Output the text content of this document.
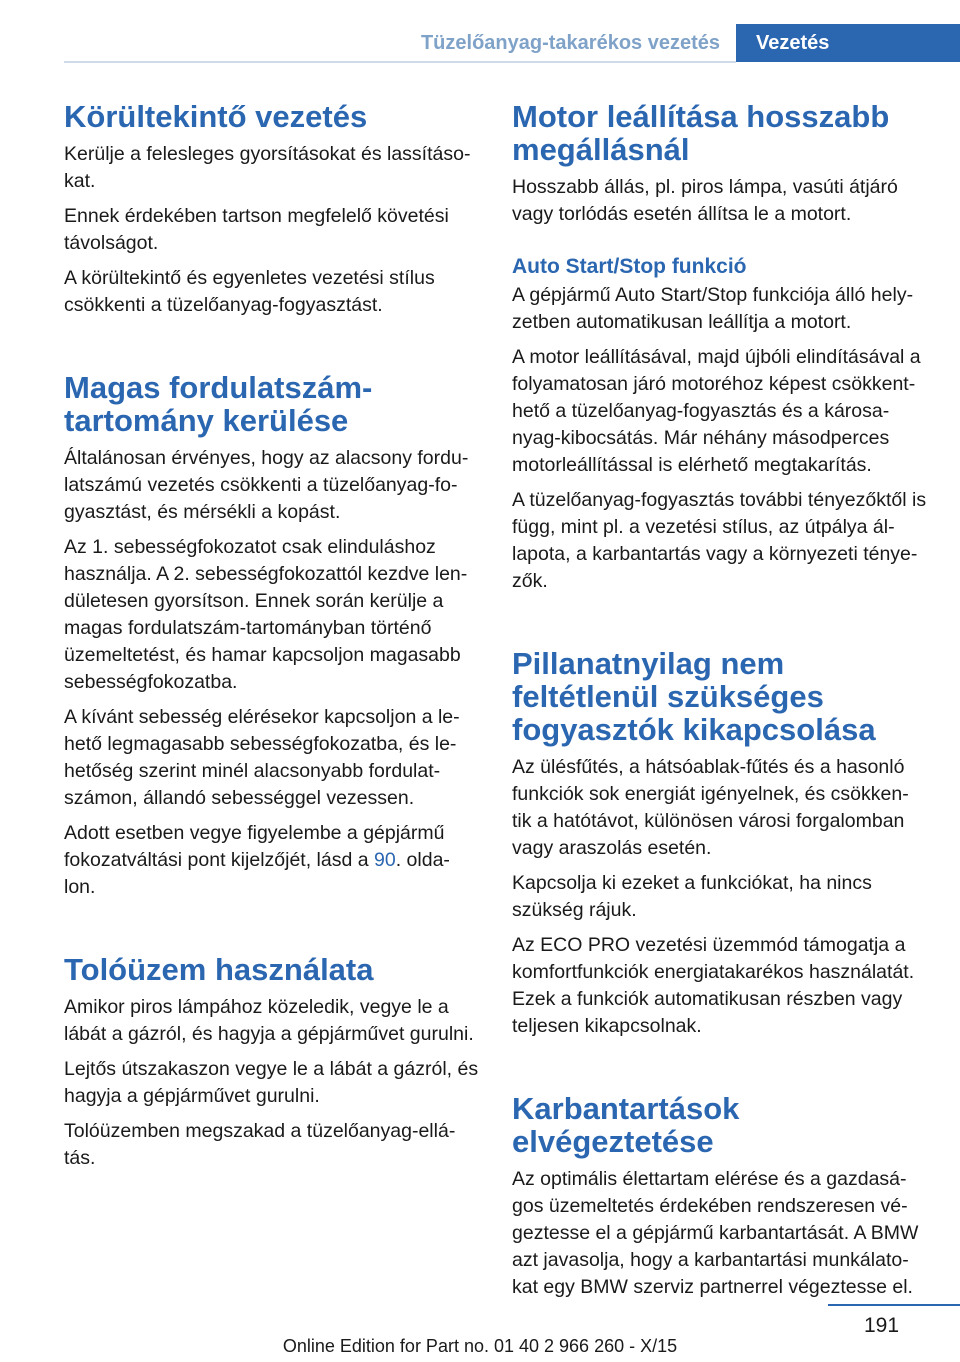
Tüzelőanyag-takarékos vezetés	Vezetés
Körültekintő vezetés

Kerülje a felesleges gyorsításokat és lassításo‐kat.

Ennek érdekében tartson megfelelő követési távolságot.

A körültekintő és egyenletes vezetési stílus csökkenti a tüzelőanyag-fogyasztást.

Magas fordulatszám-tartomány kerülése

Általánosan érvényes, hogy az alacsony fordu‐latszámú vezetés csökkenti a tüzelőanyag-fo‐gyasztást, és mérsékli a kopást.

Az 1. sebességfokozatot csak elinduláshoz használja. A 2. sebességfokozattól kezdve len‐dületesen gyorsítson. Ennek során kerülje a magas fordulatszám-tartományban történő üzemeltetést, és hamar kapcsoljon magasabb sebességfokozatba.

A kívánt sebesség elérésekor kapcsoljon a le‐hető legmagasabb sebességfokozatba, és le‐hetőség szerint minél alacsonyabb fordulat‐számon, állandó sebességgel vezessen.

Adott esetben vegye figyelembe a gépjármű fokozatváltási pont kijelzőjét, lásd a 90. olda‐lon.

Tolóüzem használata

Amikor piros lámpához közeledik, vegye le a lábát a gázról, és hagyja a gépjárművet gurulni.

Lejtős útszakaszon vegye le a lábát a gázról, és hagyja a gépjárművet gurulni.

Tolóüzemben megszakad a tüzelőanyag-ellá‐tás.

Motor leállítása hosszabb megállásnál

Hosszabb állás, pl. piros lámpa, vasúti átjáró vagy torlódás esetén állítsa le a motort.

Auto Start/Stop funkció

A gépjármű Auto Start/Stop funkciója álló hely‐zetben automatikusan leállítja a motort.

A motor leállításával, majd újbóli elindításával a folyamatosan járó motoréhoz képest csökkent‐hető a tüzelőanyag-fogyasztás és a károsa‐nyag-kibocsátás. Már néhány másodperces motorleállítással is elérhető megtakarítás.

A tüzelőanyag-fogyasztás további tényezőktől is függ, mint pl. a vezetési stílus, az útpálya ál‐lapota, a karbantartás vagy a környezeti ténye‐zők.

Pillanatnyilag nem feltétlenül szükséges fogyasztók kikapcsolása

Az ülésfűtés, a hátsóablak-fűtés és a hasonló funkciók sok energiát igényelnek, és csökken‐tik a hatótávot, különösen városi forgalomban vagy araszolás esetén.

Kapcsolja ki ezeket a funkciókat, ha nincs szükség rájuk.

Az ECO PRO vezetési üzemmód támogatja a komfortfunkciók energiatakarékos használatát. Ezek a funkciók automatikusan részben vagy teljesen kikapcsolnak.

Karbantartások elvégeztetése

Az optimális élettartam elérése és a gazdasá‐gos üzemeltetés érdekében rendszeresen vé‐geztesse el a gépjármű karbantartását. A BMW azt javasolja, hogy a karbantartási munkálato‐kat egy BMW szerviz partnerrel végeztesse el.

191
Online Edition for Part no. 01 40 2 966 260 - X/15
